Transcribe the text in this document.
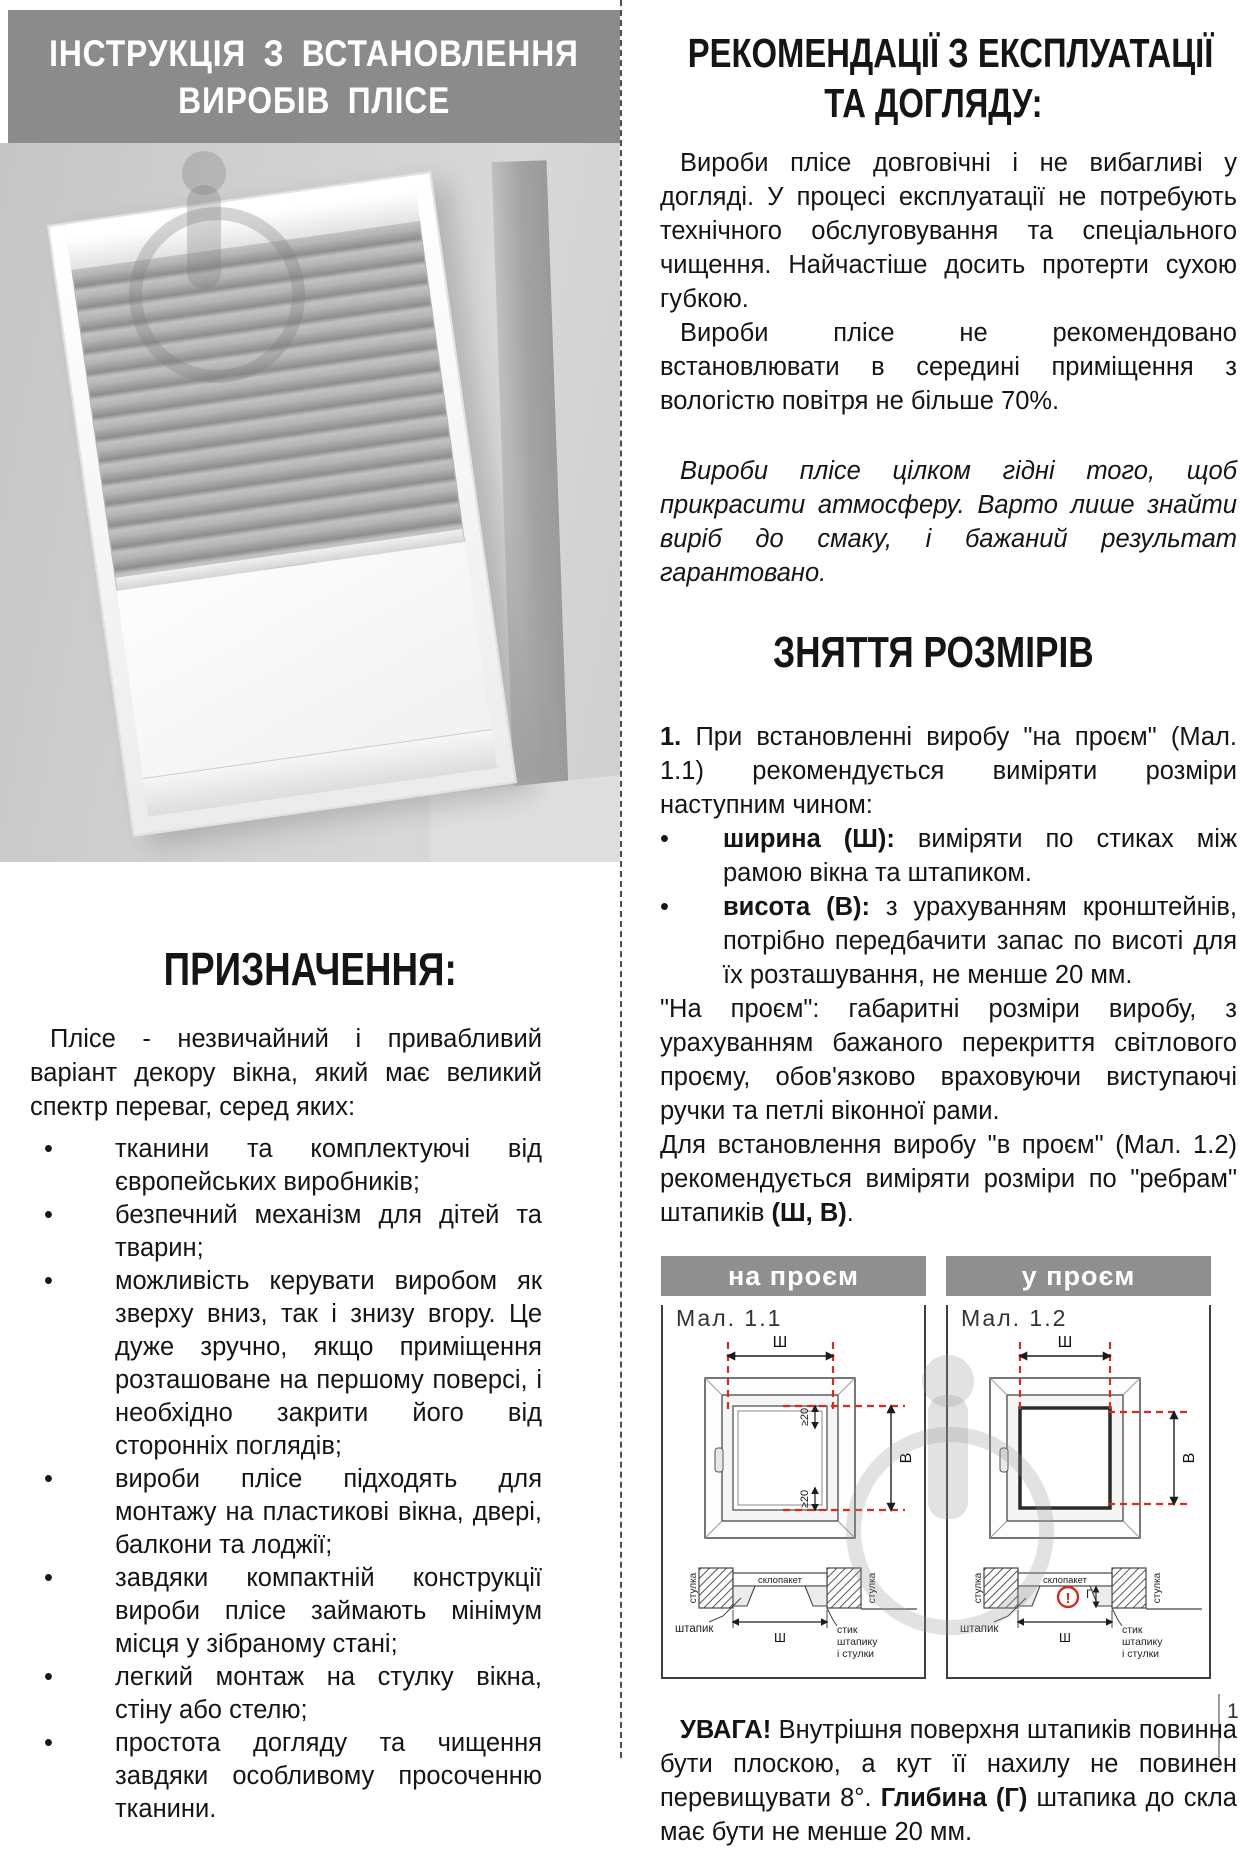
ІНСТРУКЦІЯ З ВСТАНОВЛЕННЯ
ВИРОБІВ ПЛІСЕ
ПРИЗНАЧЕННЯ:

Плісе - незвичайний і привабливий варіант декору вікна, який має великий спектр переваг, серед яких:

• тканини та комплектуючі від європейських виробників;
• безпечний механізм для дітей та тварин;
• можливість керувати виробом як зверху вниз, так і знизу вгору. Це дуже зручно, якщо приміщення розташоване на першому поверсі, і необхідно закрити його від сторонніх поглядів;
• вироби плісе підходять для монтажу на пластикові вікна, двері, балкони та лоджії;
• завдяки компактній конструкції вироби плісе займають мінімум місця у зібраному стані;
• легкий монтаж на стулку вікна, стіну або стелю;
• простота догляду та чищення завдяки особливому просоченню тканини.
РЕКОМЕНДАЦІЇ З ЕКСПЛУАТАЦІЇ
ТА ДОГЛЯДУ:

Вироби плісе довговічні і не вибагливі у догляді. У процесі експлуатації не потребують технічного обслуговування та спеціального чищення. Найчастіше досить протерти сухою губкою.

Вироби плісе не рекомендовано встановлювати в середині приміщення з вологістю повітря не більше 70%.

Вироби плісе цілком гідні того, щоб прикрасити атмосферу. Варто лише знайти виріб до смаку, і бажаний результат гарантовано.

ЗНЯТТЯ РОЗМІРІВ

1. При встановленні виробу "на проєм" (Мал. 1.1) рекомендується виміряти розміри наступним чином:

• ширина (Ш): виміряти по стиках між рамою вікна та штапиком.
• висота (В): з урахуванням кронштейнів, потрібно передбачити запас по висоті для їх розташування, не менше 20 мм.

"На проєм": габаритні розміри виробу, з урахуванням бажаного перекриття світлового проєму, обов'язково враховуючи виступаючі ручки та петлі віконної рами.

Для встановлення виробу "в проєм" (Мал. 1.2) рекомендується виміряти розміри по "ребрам" штапиків (Ш, В).

на проєм
Мал. 1.1
Ш
В
≥20
≥20
склопакет
стулка	стулка
Ш
штапик	стик
штапику
і стулки
у проєм
Мал. 1.2
Ш
В
склопакет
стулка	стулка
! Г
Ш
штапик	стик
штапику
і стулки

УВАГА! Внутрішня поверхня штапиків повинна бути плоскою, а кут її нахилу не повинен перевищувати 8°. Глибина (Г) штапика до скла має бути не менше 20 мм.

1
